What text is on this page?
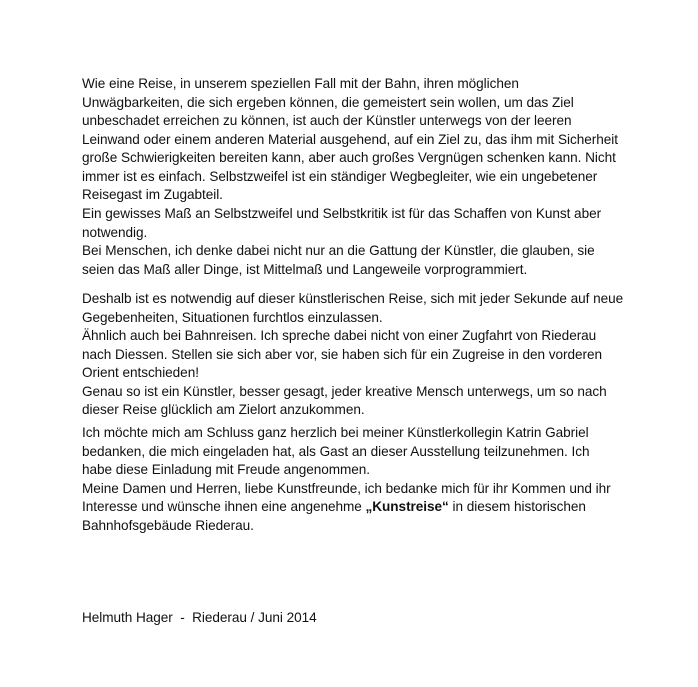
Wie eine Reise, in unserem speziellen Fall mit der Bahn, ihren möglichen
Unwägbarkeiten, die sich ergeben können, die gemeistert sein wollen, um das Ziel
unbeschadet erreichen zu können, ist auch der Künstler unterwegs von der leeren
Leinwand oder einem anderen Material ausgehend, auf ein Ziel zu, das ihm mit Sicherheit
große Schwierigkeiten bereiten kann, aber auch großes Vergnügen schenken kann. Nicht
immer ist es einfach. Selbstzweifel ist ein ständiger Wegbegleiter, wie ein ungebetener
Reisegast im Zugabteil.
Ein gewisses Maß an Selbstzweifel und Selbstkritik ist für das Schaffen von Kunst aber
notwendig.
Bei Menschen, ich denke dabei nicht nur an die Gattung der Künstler, die glauben, sie
seien das Maß aller Dinge, ist Mittelmaß und Langeweile vorprogrammiert.
Deshalb ist es notwendig auf dieser künstlerischen Reise, sich mit jeder Sekunde auf neue
Gegebenheiten, Situationen furchtlos einzulassen.
Ähnlich auch bei Bahnreisen. Ich spreche dabei nicht von einer Zugfahrt von Riederau
nach Diessen. Stellen sie sich aber vor, sie haben sich für ein Zugreise in den vorderen
Orient entschieden!
Genau so ist ein Künstler, besser gesagt, jeder kreative Mensch unterwegs, um so nach
dieser Reise glücklich am Zielort anzukommen.
Ich möchte mich am Schluss ganz herzlich bei meiner Künstlerkollegin Katrin Gabriel
bedanken, die mich eingeladen hat, als Gast an dieser Ausstellung teilzunehmen. Ich
habe diese Einladung mit Freude angenommen.
Meine Damen und Herren, liebe Kunstfreunde, ich bedanke mich für ihr Kommen und ihr
Interesse und wünsche ihnen eine angenehme „Kunstreise“ in diesem historischen
Bahnhofsgebäude Riederau.
Helmuth Hager  -  Riederau / Juni 2014
